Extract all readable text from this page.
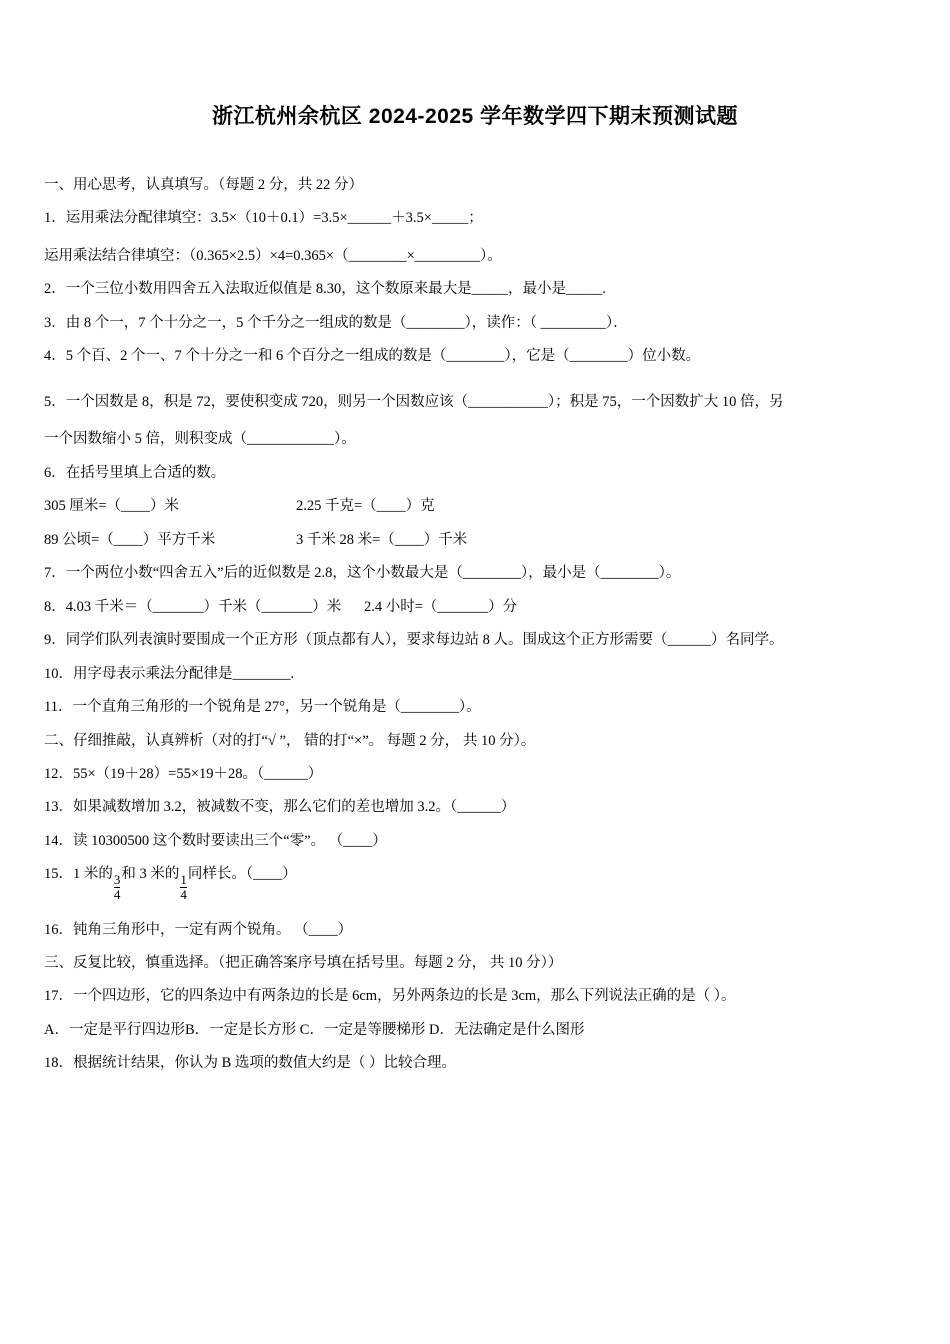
浙江杭州余杭区 2024-2025 学年数学四下期末预测试题

一、用心思考，认真填写。（每题 2 分，共 22 分）

1．运用乘法分配律填空：3.5×（10＋0.1）=3.5×______＋3.5×_____；

运用乘法结合律填空：（0.365×2.5）×4=0.365×（________×_________）。

2．一个三位小数用四舍五入法取近似值是 8.30，这个数原来最大是_____，最小是_____.

3．由 8 个一，7 个十分之一，5 个千分之一组成的数是（________），读作：（ _________）．

4．5 个百、2 个一、7 个十分之一和 6 个百分之一组成的数是（________），它是（________）位小数。

5．一个因数是 8，积是 72，要使积变成 720，则另一个因数应该（___________）；积是 75，一个因数扩大 10 倍，另

一个因数缩小 5 倍，则积变成（____________）。

6．在括号里填上合适的数。

305 厘米=（____）米	2.25 千克=（____）克
89 公顷=（____）平方千米	3 千米 28 米=（____）千米

7．一个两位小数“四舍五入”后的近似数是 2.8，这个小数最大是（________），最小是（________）。

8．4.03 千米＝（_______）千米（_______）米	2.4 小时=（_______）分

9．同学们队列表演时要围成一个正方形（顶点都有人），要求每边站 8 人。围成这个正方形需要（______）名同学。

10．用字母表示乘法分配律是________.

11．一个直角三角形的一个锐角是 27°，另一个锐角是（________）。

二、仔细推敲，认真辨析（对的打“√ ”， 错的打“×”。 每题 2 分， 共 10 分）。

12．55×（19＋28）=55×19＋28。（______）

13．如果减数增加 3.2，被减数不变，那么它们的差也增加 3.2。（______）

14．读 10300500 这个数时要读出三个“零”。 （____）

15．1 米的 $\frac{3}{4}$ 和 3 米的 $\frac{1}{4}$ 同样长。（____）

16．钝角三角形中，一定有两个锐角。 （____）

三、反复比较，慎重选择。（把正确答案序号填在括号里。每题 2 分， 共 10 分））

17．一个四边形，它的四条边中有两条边的长是 6cm，另外两条边的长是 3cm，那么下列说法正确的是（ ）。

A．一定是平行四边形B．一定是长方形 C．一定是等腰梯形 D．无法确定是什么图形

18．根据统计结果，你认为 B 选项的数值大约是（ ）比较合理。
